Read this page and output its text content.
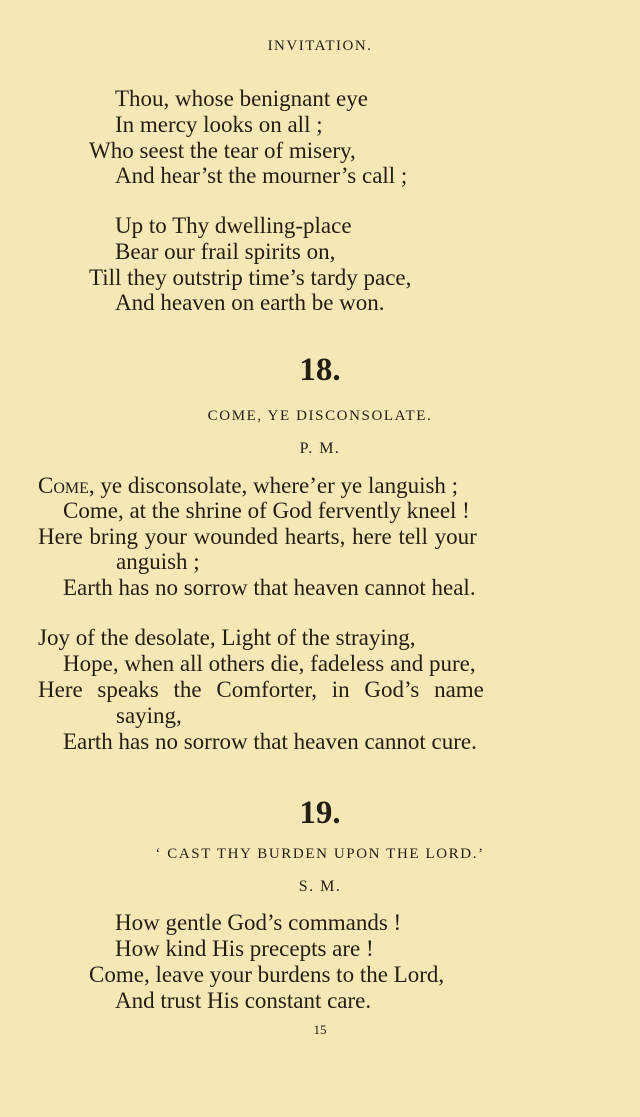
INVITATION.
Thou, whose benignant eye
In mercy looks on all ;
Who seest the tear of misery,
And hear’st the mourner’s call ;
Up to Thy dwelling-place
Bear our frail spirits on,
Till they outstrip time’s tardy pace,
And heaven on earth be won.
18.
COME, YE DISCONSOLATE.
P. M.
Come, ye disconsolate, where’er ye languish ;
Come, at the shrine of God fervently kneel !
Here bring your wounded hearts, here tell your
anguish ;
Earth has no sorrow that heaven cannot heal.
Joy of the desolate, Light of the straying,
Hope, when all others die, fadeless and pure,
Here speaks the Comforter, in God’s name
saying,
Earth has no sorrow that heaven cannot cure.
19.
‘ CAST THY BURDEN UPON THE LORD.’
S. M.
How gentle God’s commands !
How kind His precepts are !
Come, leave your burdens to the Lord,
And trust His constant care.
15
